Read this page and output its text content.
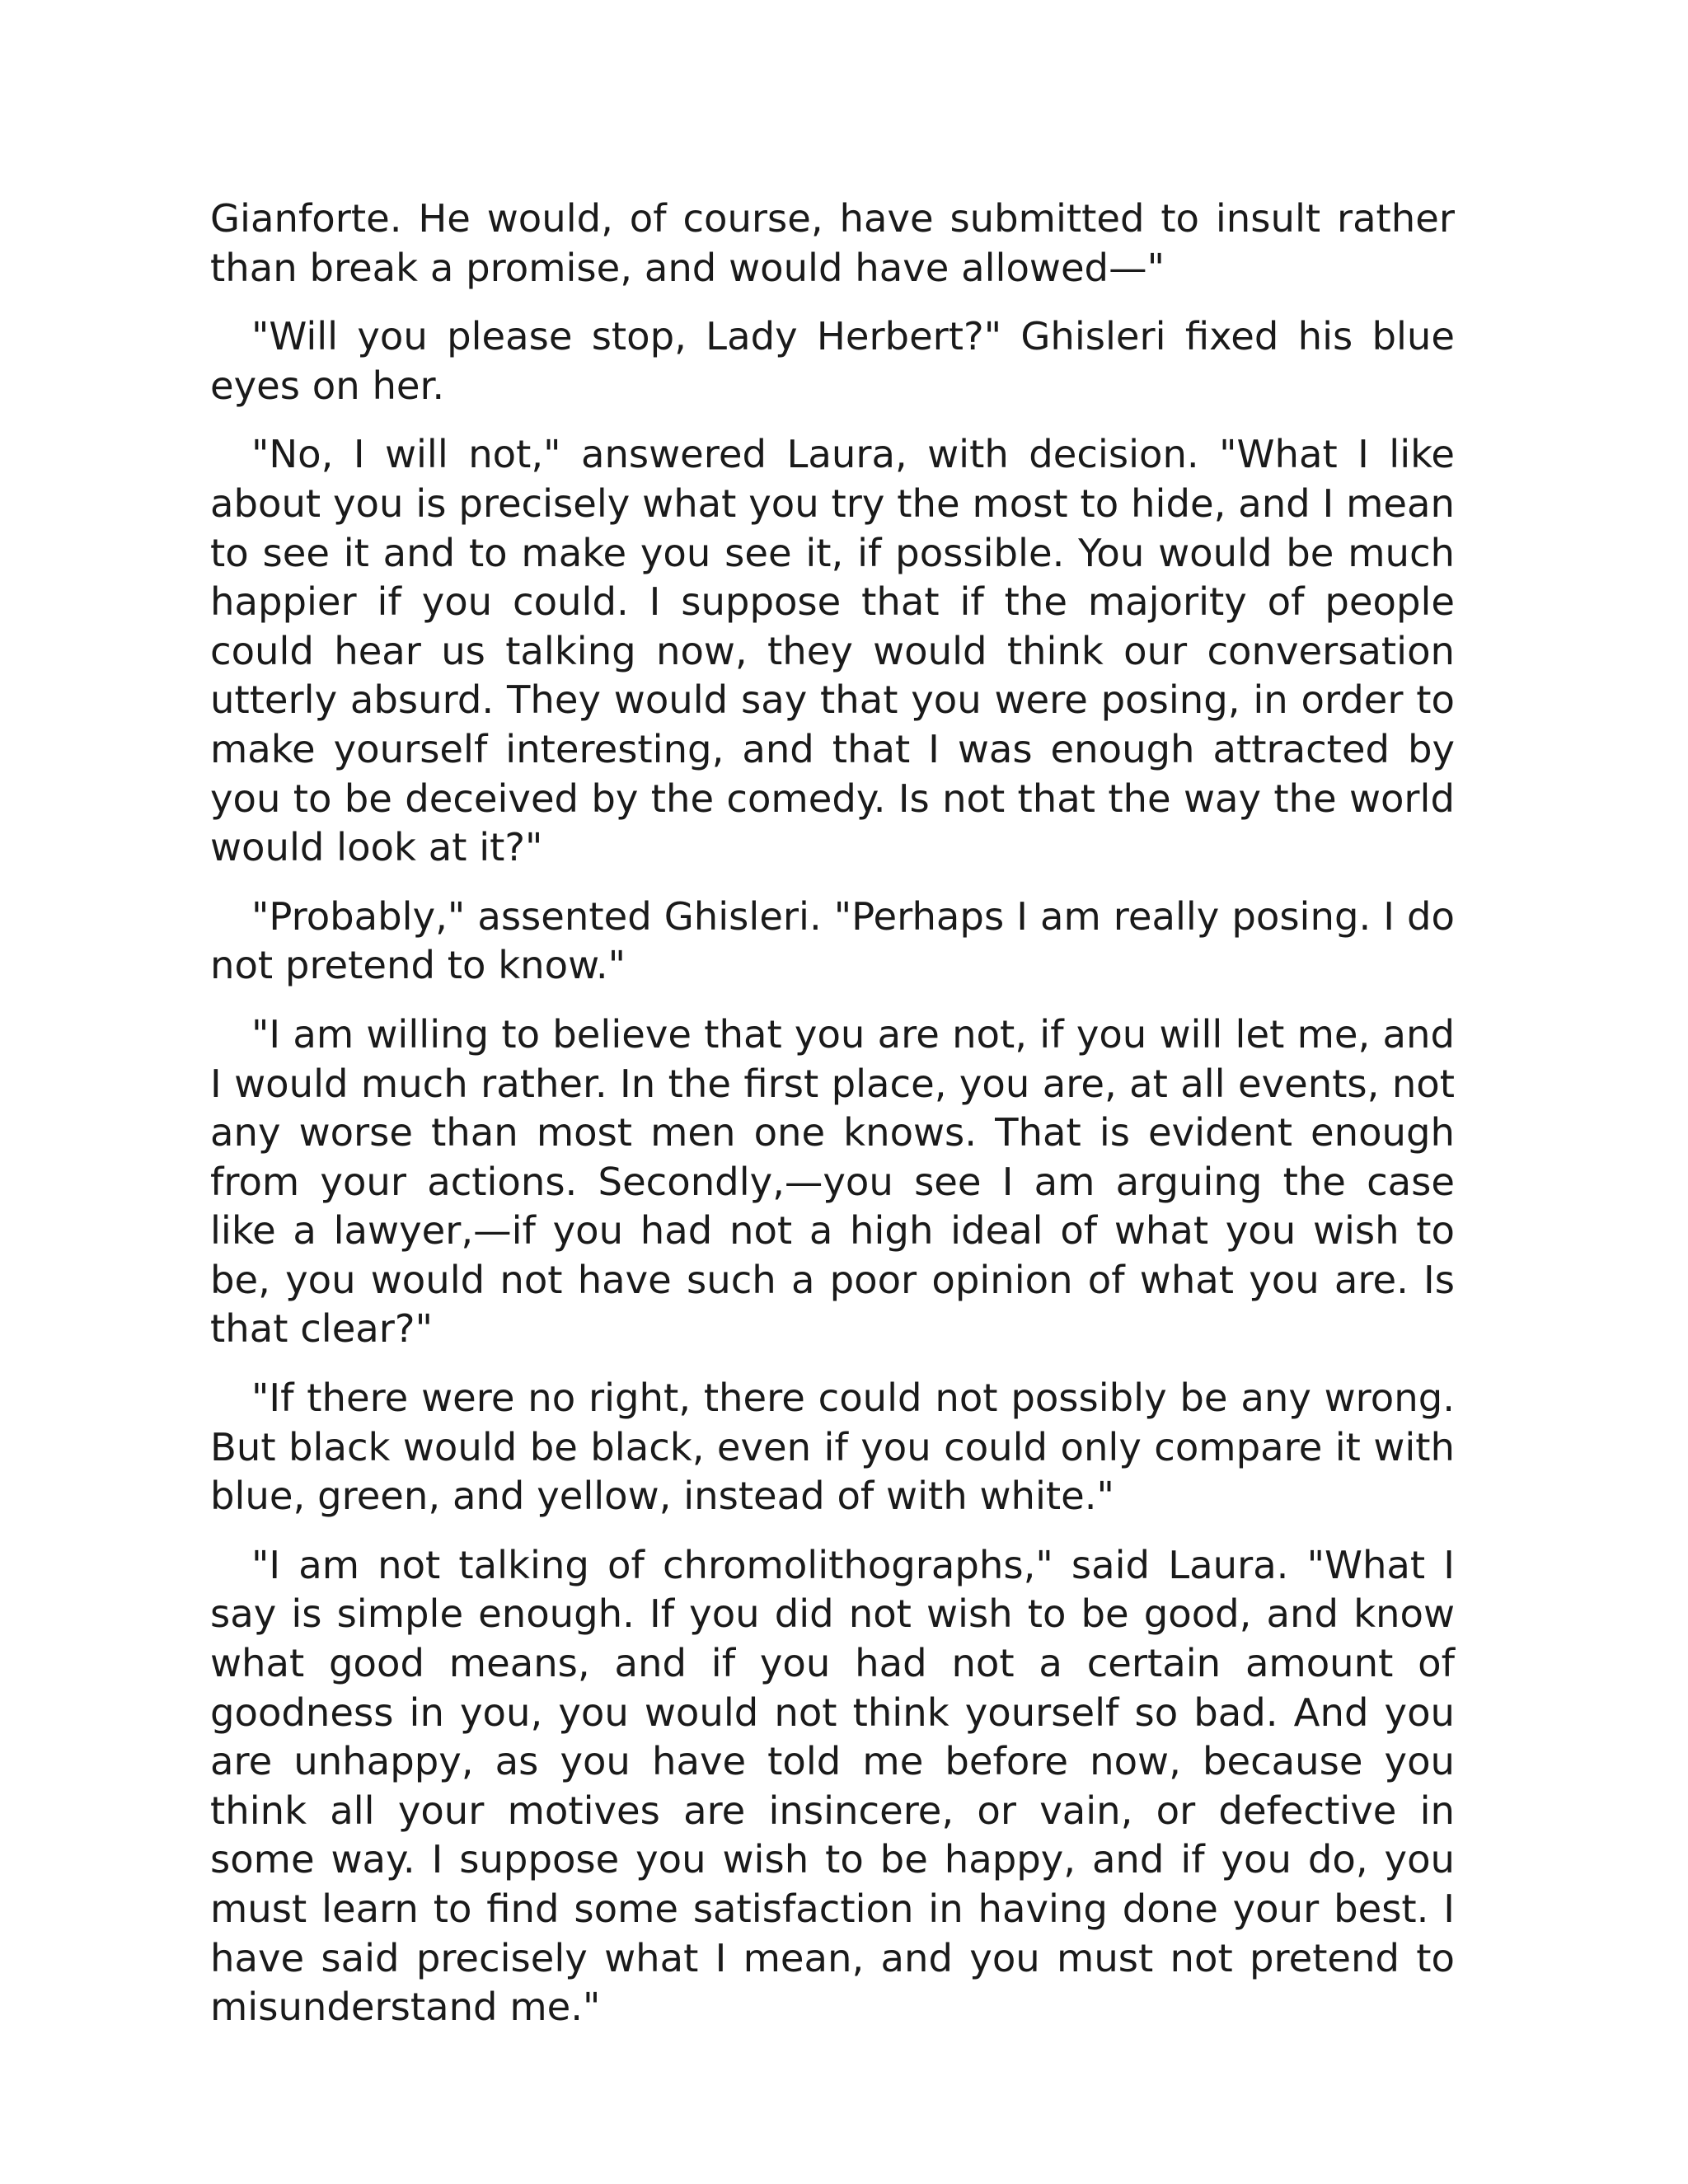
Gianforte. He would, of course, have submitted to insult rather than break a promise, and would have allowed—"

"Will you please stop, Lady Herbert?" Ghisleri fixed his blue eyes on her.

"No, I will not," answered Laura, with decision. "What I like about you is precisely what you try the most to hide, and I mean to see it and to make you see it, if possible. You would be much happier if you could. I suppose that if the majority of people could hear us talking now, they would think our conversation utterly absurd. They would say that you were posing, in order to make yourself interesting, and that I was enough attracted by you to be deceived by the comedy. Is not that the way the world would look at it?"

"Probably," assented Ghisleri. "Perhaps I am really posing. I do not pretend to know."

"I am willing to believe that you are not, if you will let me, and I would much rather. In the first place, you are, at all events, not any worse than most men one knows. That is evident enough from your actions. Secondly,—you see I am arguing the case like a lawyer,—if you had not a high ideal of what you wish to be, you would not have such a poor opinion of what you are. Is that clear?"

"If there were no right, there could not possibly be any wrong. But black would be black, even if you could only compare it with blue, green, and yellow, instead of with white."

"I am not talking of chromolithographs," said Laura. "What I say is simple enough. If you did not wish to be good, and know what good means, and if you had not a certain amount of goodness in you, you would not think yourself so bad. And you are unhappy, as you have told me before now, because you think all your motives are insincere, or vain, or defective in some way. I suppose you wish to be happy, and if you do, you must learn to find some satisfaction in having done your best. I have said precisely what I mean, and you must not pretend to misunderstand me."
